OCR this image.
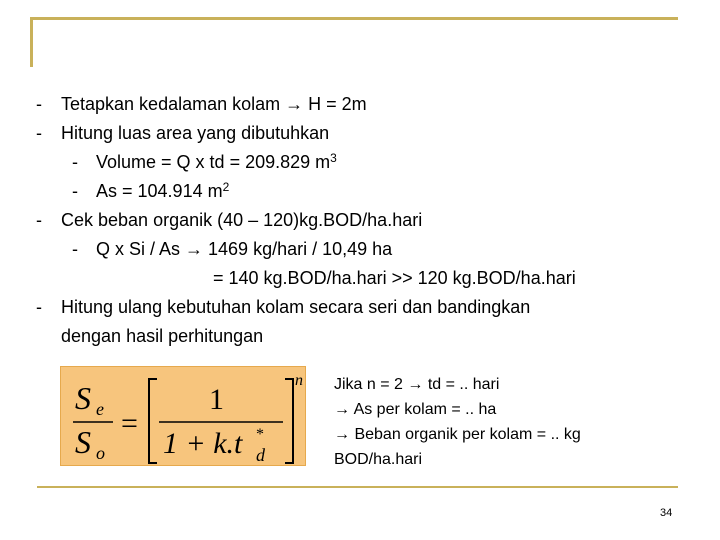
- Tetapkan kedalaman kolam → H = 2m
- Hitung luas area yang dibutuhkan
- Volume = Q x td = 209.829 $m^3$
- As = 104.914 $m^2$
- Cek beban organik (40 – 120)kg.BOD/ha.hari
- Q x Si / As → 1469 kg/hari / 10,49 ha
= 140 kg.BOD/ha.hari >> 120 kg.BOD/ha.hari
- Hitung ulang kebutuhan kolam secara seri dan bandingkan
dengan hasil perhitungan
S e
S o
=
1
1 + k.t *
d
n Jika n = 2 → td = .. hari
→ As per kolam = .. ha
→ Beban organik per kolam = .. kg
BOD/ha.hari
34
